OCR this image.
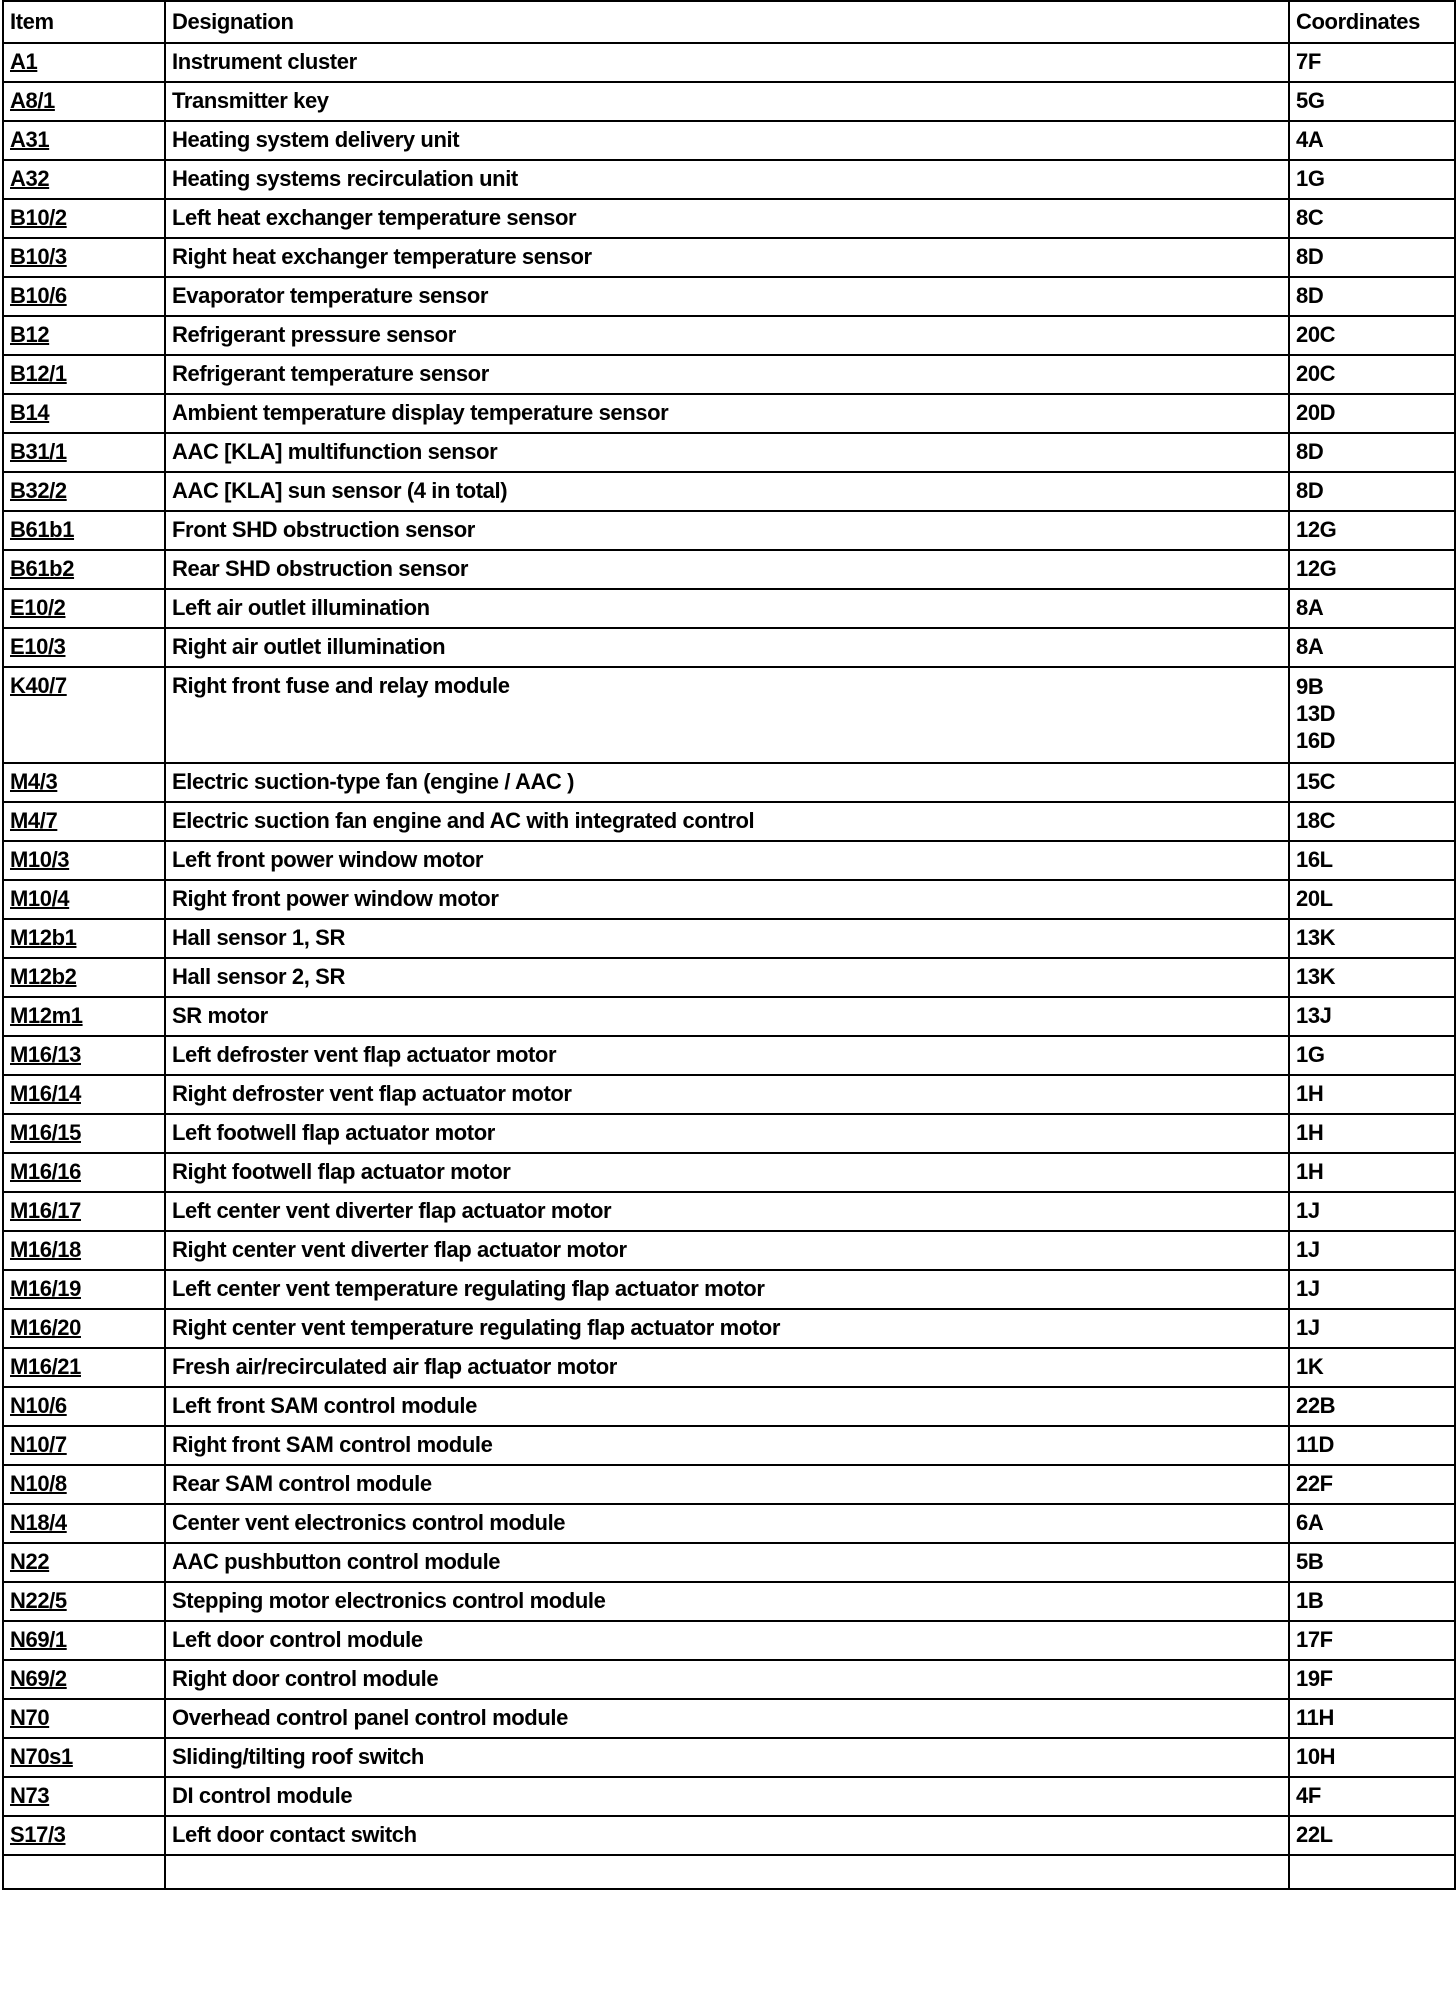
Item	Designation	Coordinates
A1	Instrument cluster	7F
A8/1	Transmitter key	5G
A31	Heating system delivery unit	4A
A32	Heating systems recirculation unit	1G
B10/2	Left heat exchanger temperature sensor	8C
B10/3	Right heat exchanger temperature sensor	8D
B10/6	Evaporator temperature sensor	8D
B12	Refrigerant pressure sensor	20C
B12/1	Refrigerant temperature sensor	20C
B14	Ambient temperature display temperature sensor	20D
B31/1	AAC [KLA] multifunction sensor	8D
B32/2	AAC [KLA] sun sensor (4 in total)	8D
B61b1	Front SHD obstruction sensor	12G
B61b2	Rear SHD obstruction sensor	12G
E10/2	Left air outlet illumination	8A
E10/3	Right air outlet illumination	8A
K40/7	Right front fuse and relay module	9B
13D
16D

M4/3	Electric suction-type fan (engine / AAC )	15C
M4/7	Electric suction fan engine and AC with integrated control	18C
M10/3	Left front power window motor	16L
M10/4	Right front power window motor	20L
M12b1	Hall sensor 1, SR	13K
M12b2	Hall sensor 2, SR	13K
M12m1	SR motor	13J
M16/13	Left defroster vent flap actuator motor	1G
M16/14	Right defroster vent flap actuator motor	1H
M16/15	Left footwell flap actuator motor	1H
M16/16	Right footwell flap actuator motor	1H
M16/17	Left center vent diverter flap actuator motor	1J
M16/18	Right center vent diverter flap actuator motor	1J
M16/19	Left center vent temperature regulating flap actuator motor	1J
M16/20	Right center vent temperature regulating flap actuator motor	1J
M16/21	Fresh air/recirculated air flap actuator motor	1K
N10/6	Left front SAM control module	22B
N10/7	Right front SAM control module	11D
N10/8	Rear SAM control module	22F
N18/4	Center vent electronics control module	6A
N22	AAC pushbutton control module	5B
N22/5	Stepping motor electronics control module	1B
N69/1	Left door control module	17F
N69/2	Right door control module	19F
N70	Overhead control panel control module	11H
N70s1	Sliding/tilting roof switch	10H
N73	DI control module	4F
S17/3	Left door contact switch	22L
